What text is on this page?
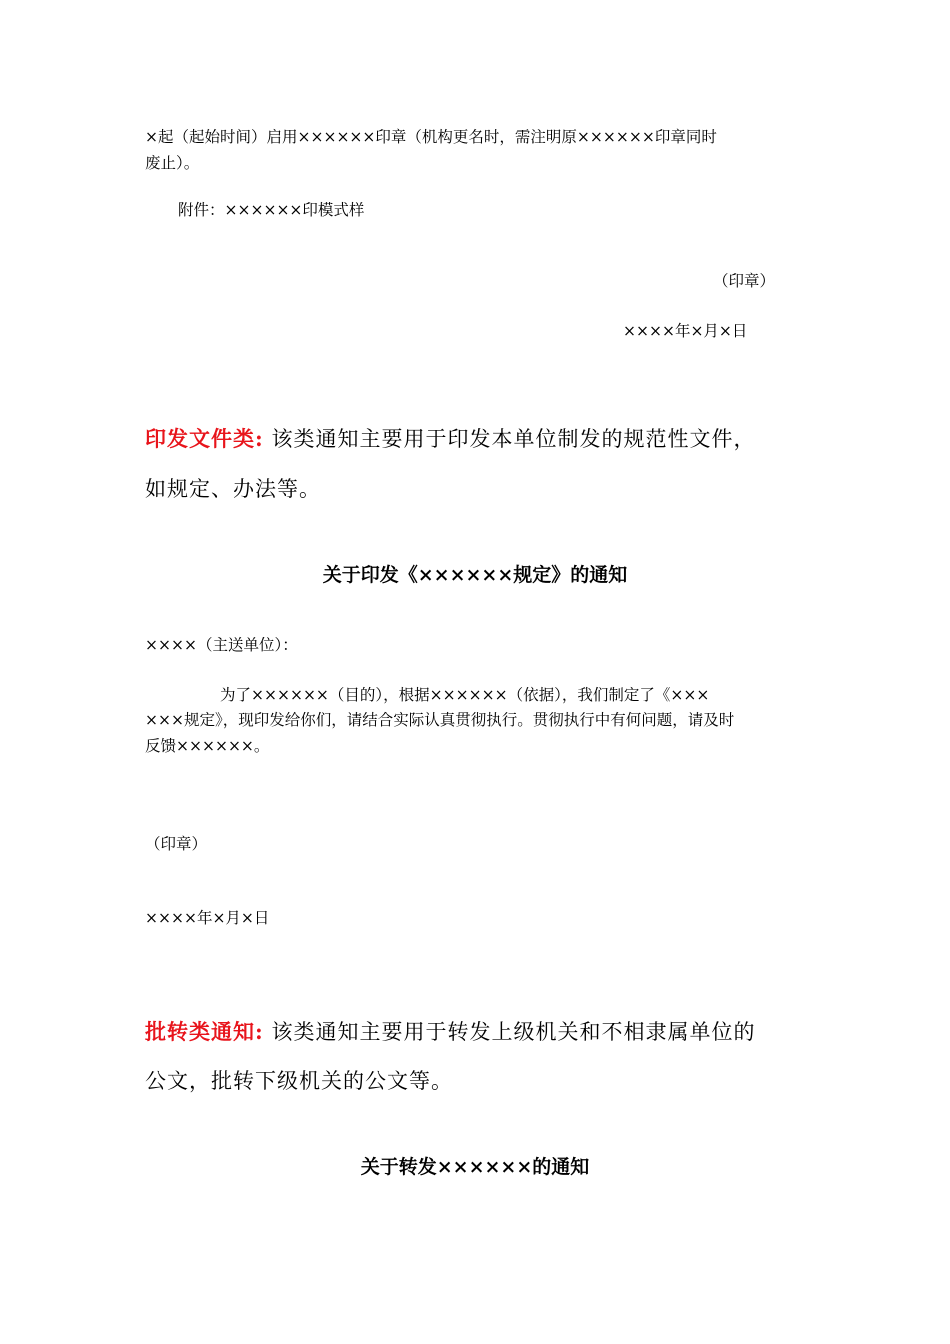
×起（起始时间）启用××××××印章（机构更名时，需注明原××××××印章同时
废止）。
附件：××××××印模式样
（印章）
××××年×月×日
印发文件类: 该类通知主要用于印发本单位制发的规范性文件，
如规定、办法等。
关于印发《××××××规定》的通知
××××（主送单位）：
为了××××××（目的），根据××××××（依据），我们制定了《×××
×××规定》，现印发给你们，请结合实际认真贯彻执行。贯彻执行中有何问题，请及时
反馈××××××。
（印章）
××××年×月×日
批转类通知: 该类通知主要用于转发上级机关和不相隶属单位的
公文，批转下级机关的公文等。
关于转发××××××的通知
